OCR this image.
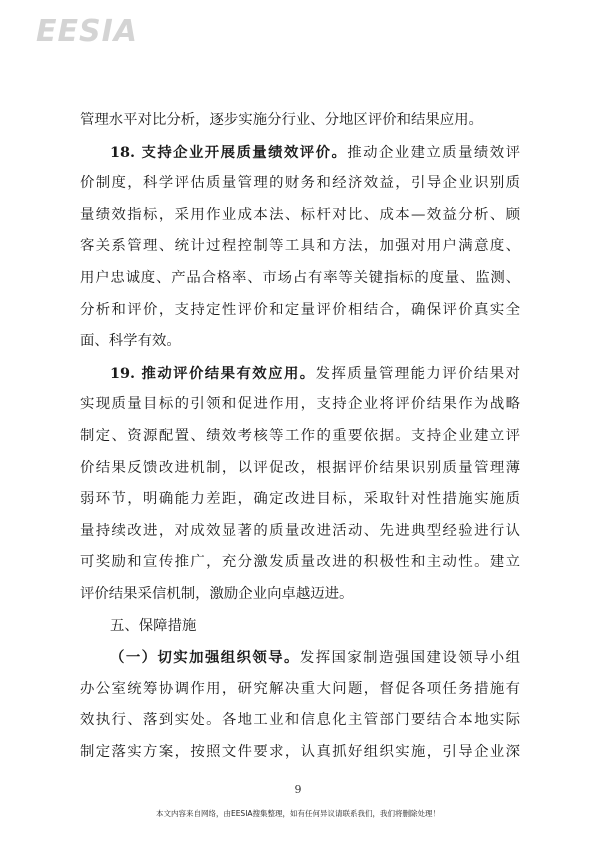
EESIA
管理水平对比分析，逐步实施分行业、分地区评价和结果应用。
18. 支持企业开展质量绩效评价。推动企业建立质量绩效评
价制度，科学评估质量管理的财务和经济效益，引导企业识别质
量绩效指标，采用作业成本法、标杆对比、成本—效益分析、顾
客关系管理、统计过程控制等工具和方法，加强对用户满意度、
用户忠诚度、产品合格率、市场占有率等关键指标的度量、监测、
分析和评价，支持定性评价和定量评价相结合，确保评价真实全
面、科学有效。
19. 推动评价结果有效应用。发挥质量管理能力评价结果对
实现质量目标的引领和促进作用，支持企业将评价结果作为战略
制定、资源配置、绩效考核等工作的重要依据。支持企业建立评
价结果反馈改进机制，以评促改，根据评价结果识别质量管理薄
弱环节，明确能力差距，确定改进目标，采取针对性措施实施质
量持续改进，对成效显著的质量改进活动、先进典型经验进行认
可奖励和宣传推广，充分激发质量改进的积极性和主动性。建立
评价结果采信机制，激励企业向卓越迈进。
五、保障措施
（一）切实加强组织领导。发挥国家制造强国建设领导小组
办公室统筹协调作用，研究解决重大问题，督促各项任务措施有
效执行、落到实处。各地工业和信息化主管部门要结合本地实际
制定落实方案，按照文件要求，认真抓好组织实施，引导企业深
9
本文内容来自网络，由EESIA搜集整理，如有任何异议请联系我们，我们将删除处理！
